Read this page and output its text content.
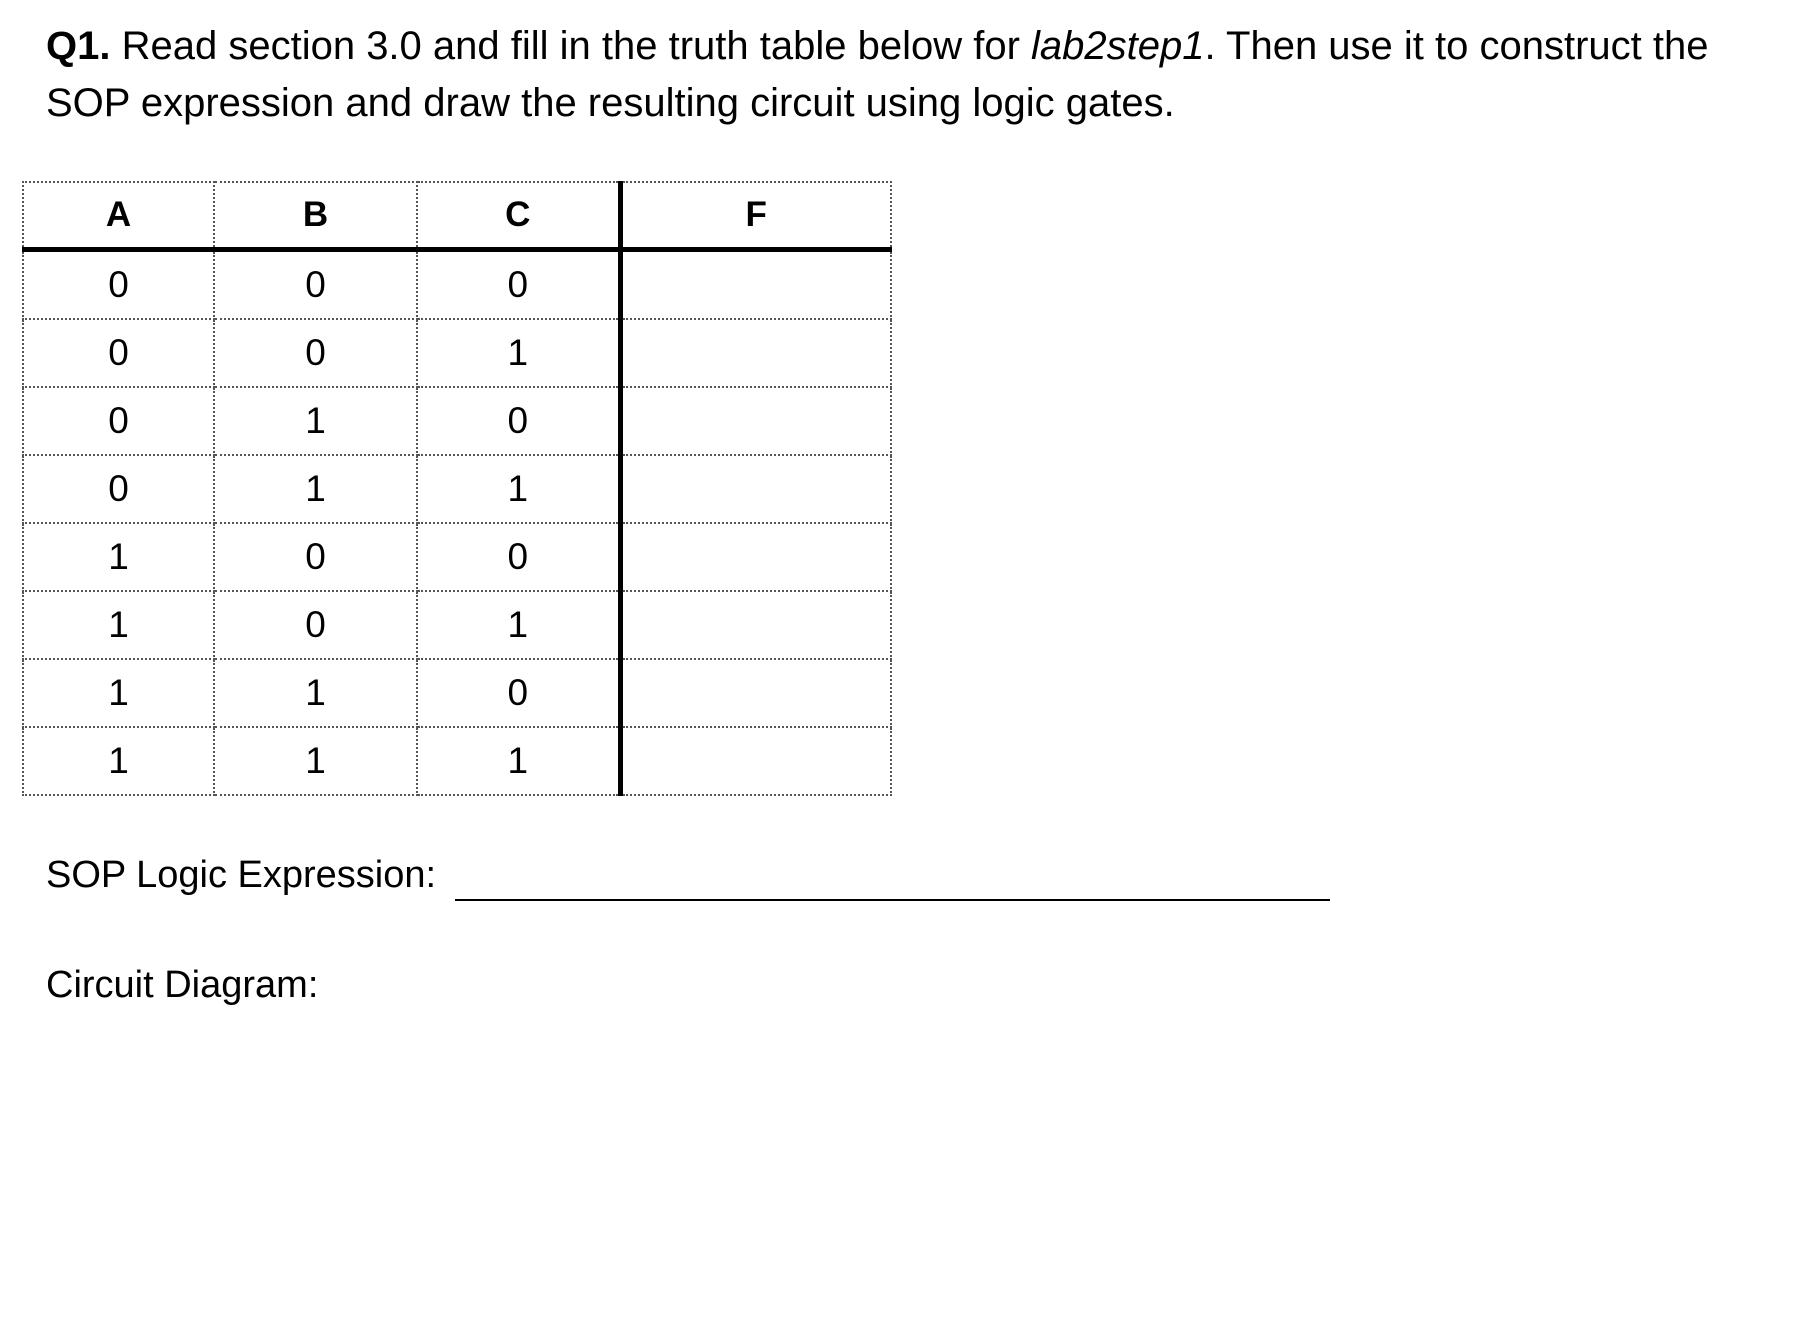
Q1. Read section 3.0 and fill in the truth table below for lab2step1. Then use it to construct the SOP expression and draw the resulting circuit using logic gates.
A	B	C	F
0	0	0	
0	0	1	
0	1	0	
0	1	1	
1	0	0	
1	0	1	
1	1	0	
1	1	1	
SOP Logic Expression:
Circuit Diagram:
